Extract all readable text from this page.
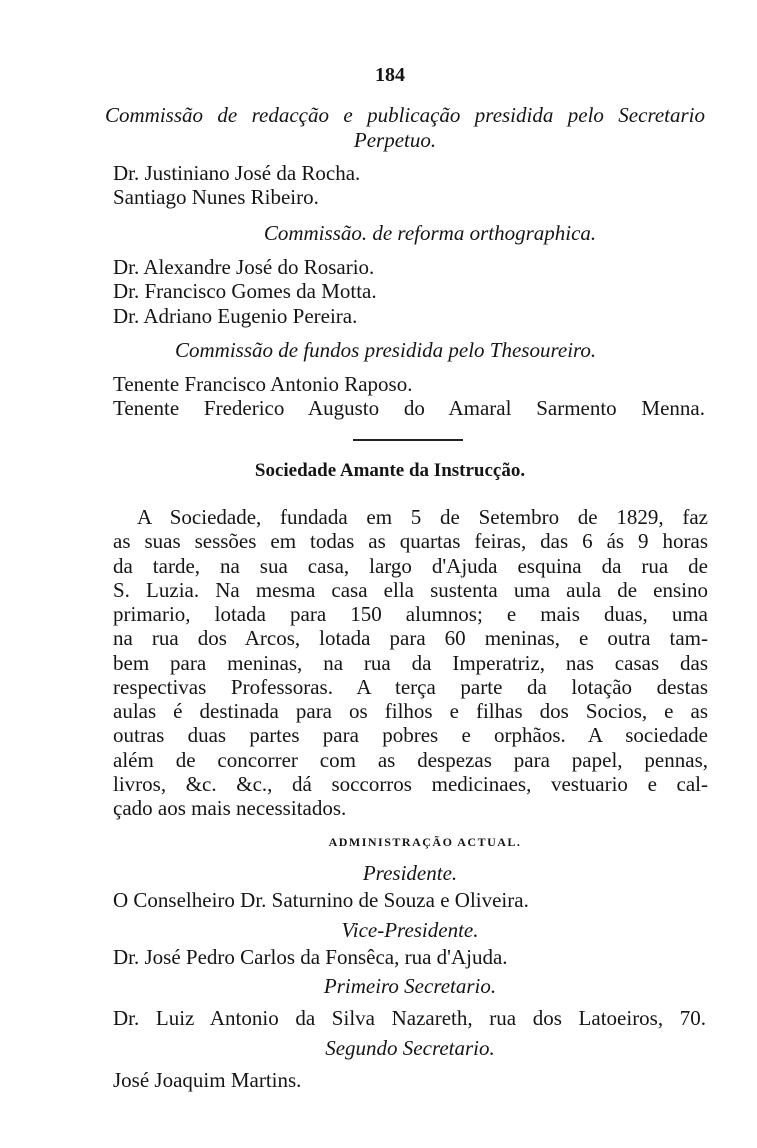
184
Commissão de redacção e publicação presidida pelo Secretario
Perpetuo.
Dr. Justiniano José da Rocha.
Santiago Nunes Ribeiro.
Commissão. de reforma orthographica.
Dr. Alexandre José do Rosario.
Dr. Francisco Gomes da Motta.
Dr. Adriano Eugenio Pereira.
Commissão de fundos presidida pelo Thesoureiro.
Tenente Francisco Antonio Raposo.
Tenente Frederico Augusto do Amaral Sarmento Menna.
Sociedade Amante da Instrucção.
A Sociedade, fundada em 5 de Setembro de 1829, faz
as suas sessões em todas as quartas feiras, das 6 ás 9 horas
da tarde, na sua casa, largo d'Ajuda esquina da rua de
S. Luzia. Na mesma casa ella sustenta uma aula de ensino
primario, lotada para 150 alumnos; e mais duas, uma
na rua dos Arcos, lotada para 60 meninas, e outra tam-
bem para meninas, na rua da Imperatriz, nas casas das
respectivas Professoras. A terça parte da lotação destas
aulas é destinada para os filhos e filhas dos Socios, e as
outras duas partes para pobres e orphãos. A sociedade
além de concorrer com as despezas para papel, pennas,
livros, &c. &c., dá soccorros medicinaes, vestuario e cal-
çado aos mais necessitados.
ADMINISTRAÇÃO ACTUAL.
Presidente.
O Conselheiro Dr. Saturnino de Souza e Oliveira.
Vice-Presidente.
Dr. José Pedro Carlos da Fonsêca, rua d'Ajuda.
Primeiro Secretario.
Dr. Luiz Antonio da Silva Nazareth, rua dos Latoeiros, 70.
Segundo Secretario.
José Joaquim Martins.
